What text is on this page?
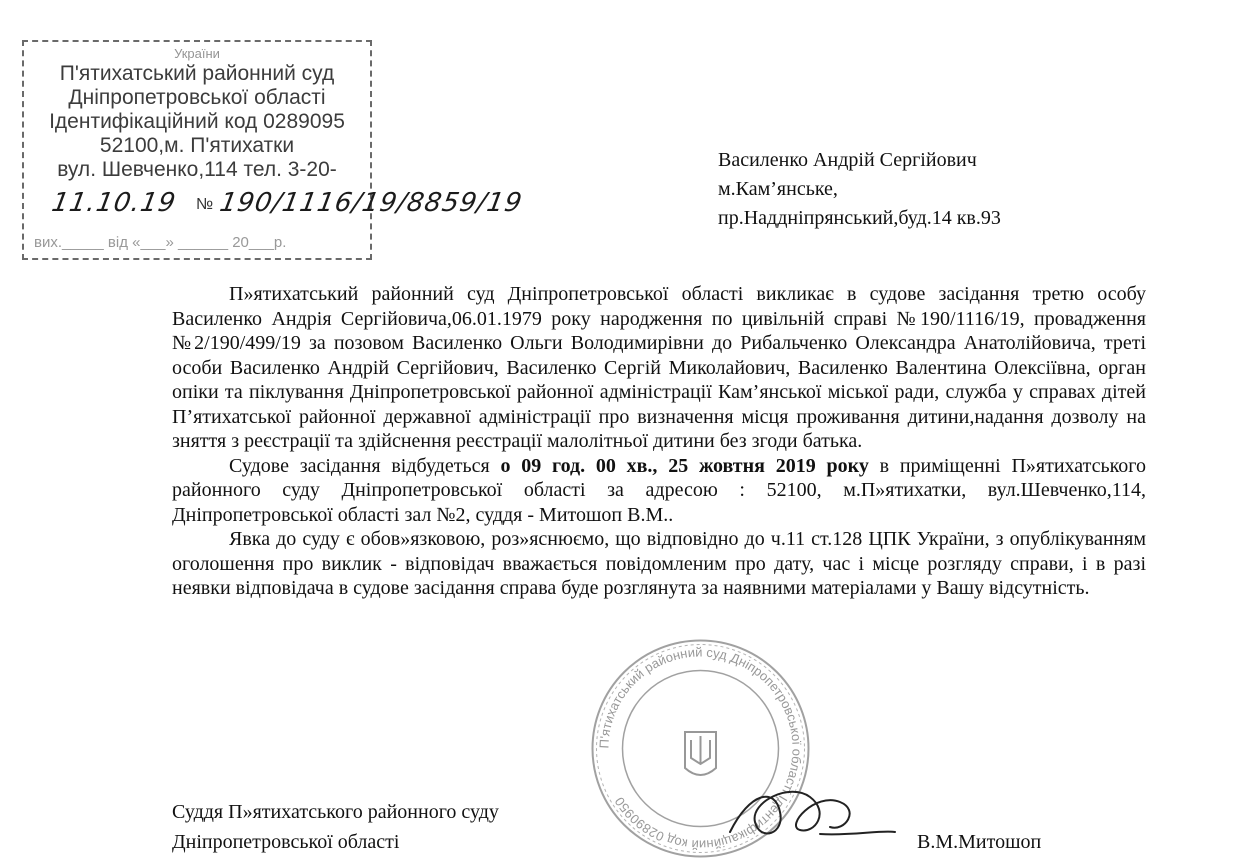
України
П'ятихатський районний суд
Дніпропетровської області
Ідентифікаційний код 0289095
52100,м. П'ятихатки
вул. Шевченко,114 тел. 3-20-
11.10.19 № 190/1116/19/8859/19
вих._____ від «___» ______ 20___р.
Василенко Андрій Сергійович
м.Кам’янське,
пр.Наддніпрянський,буд.14 кв.93

П»ятихатський районний суд Дніпропетровської області викликає в судове засідання третю особу Василенко Андрія Сергійовича,06.01.1979 року народження по цивільній справі №190/1116/19, провадження №2/190/499/19 за позовом Василенко Ольги Володимирівни до Рибальченко Олександра Анатолійовича, треті особи Василенко Андрій Сергійович, Василенко Сергій Миколайович, Василенко Валентина Олексіївна, орган опіки та піклування Дніпропетровської районної адміністрації Кам’янської міської ради, служба у справах дітей П’ятихатської районної державної адміністрації про визначення місця проживання дитини,надання дозволу на зняття з реєстрації та здійснення реєстрації малолітньої дитини без згоди батька.

Судове засідання відбудеться о 09 год. 00 хв., 25 жовтня 2019 року в приміщенні П»ятихатського районного суду Дніпропетровської області за адресою : 52100, м.П»ятихатки, вул.Шевченко,114, Дніпропетровської області зал №2, суддя - Митошоп В.М..

Явка до суду є обов»язковою, роз»яснюємо, що відповідно до ч.11 ст.128 ЦПК України, з опублікуванням оголошення про виклик - відповідач вважається повідомленим про дату, час і місце розгляду справи, і в разі неявки відповідача в судове засідання справа буде розглянута за наявними матеріалами у Вашу відсутність.

П'ятихатський районний суд Дніпропетровської області Ідентифікаційний код 02890950
Суддя П»ятихатського районного суду
Дніпропетровської області	В.М.Митошоп
